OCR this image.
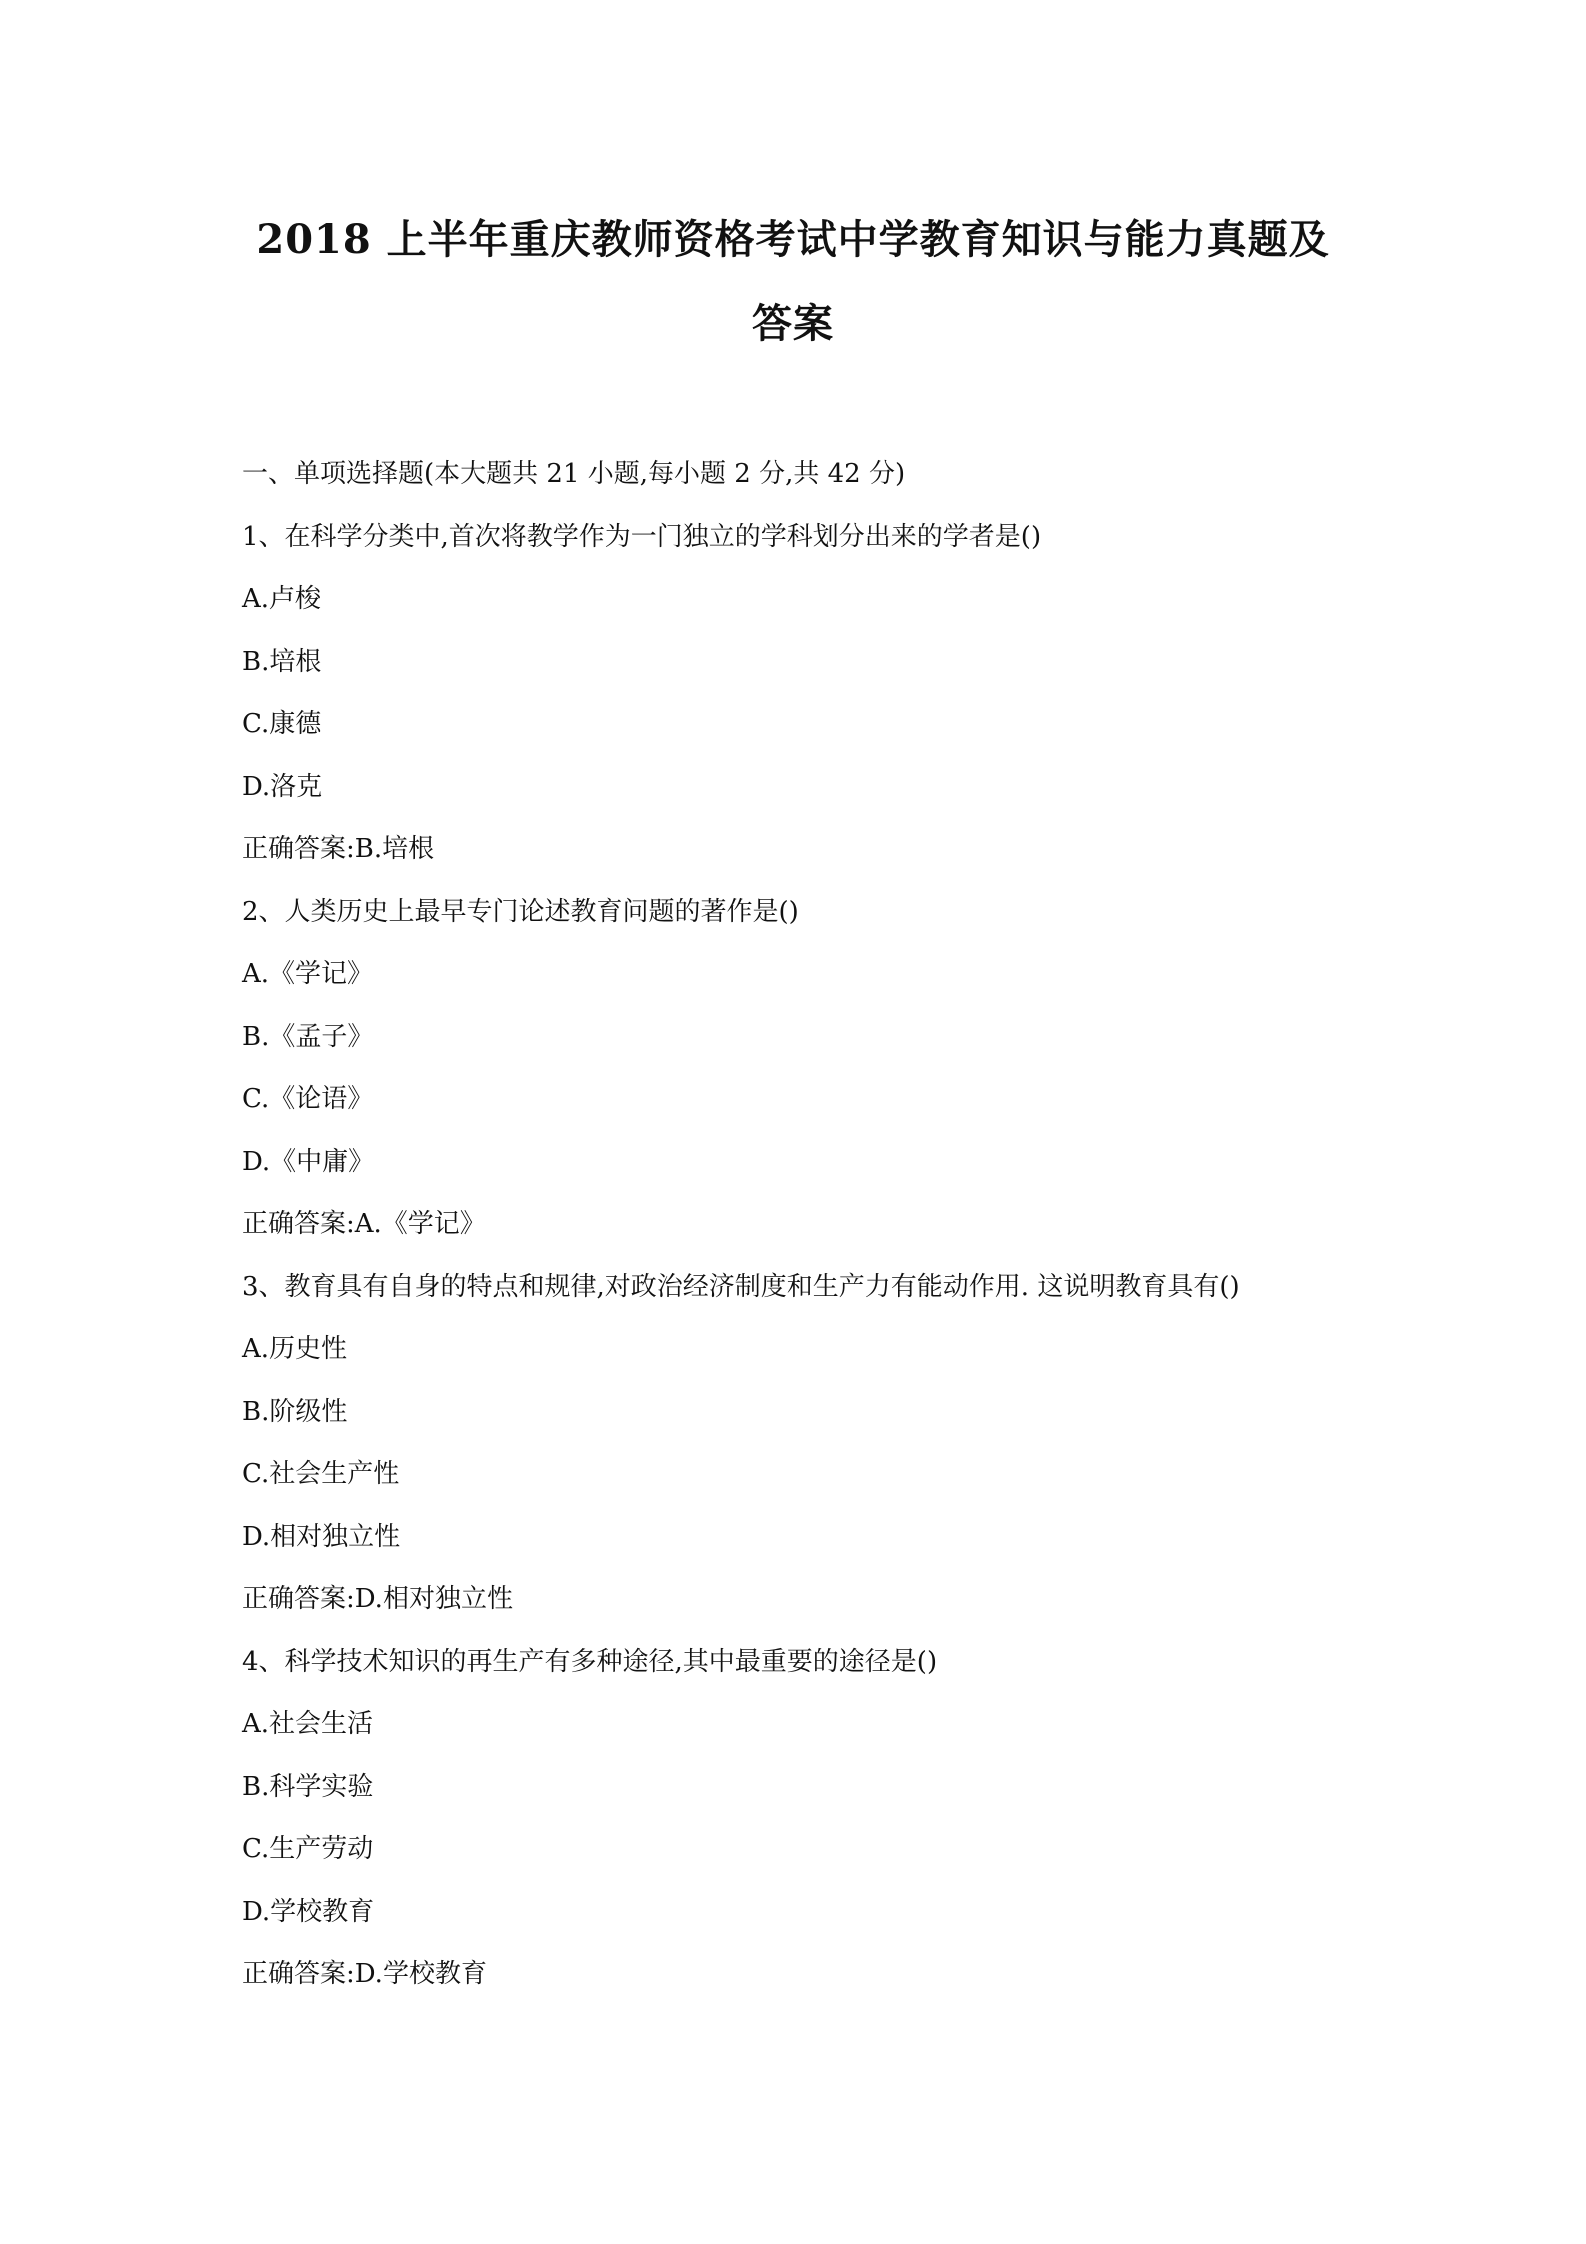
2018 上半年重庆教师资格考试中学教育知识与能力真题及
答案
一、单项选择题(本大题共 21 小题,每小题 2 分,共 42 分)
1、在科学分类中,首次将教学作为一门独立的学科划分出来的学者是()
A.卢梭
B.培根
C.康德
D.洛克
正确答案:B.培根
2、人类历史上最早专门论述教育问题的著作是()
A.《学记》
B.《孟子》
C.《论语》
D.《中庸》
正确答案:A.《学记》
3、教育具有自身的特点和规律,对政治经济制度和生产力有能动作用. 这说明教育具有()
A.历史性
B.阶级性
C.社会生产性
D.相对独立性
正确答案:D.相对独立性
4、科学技术知识的再生产有多种途径,其中最重要的途径是()
A.社会生活
B.科学实验
C.生产劳动
D.学校教育
正确答案:D.学校教育
